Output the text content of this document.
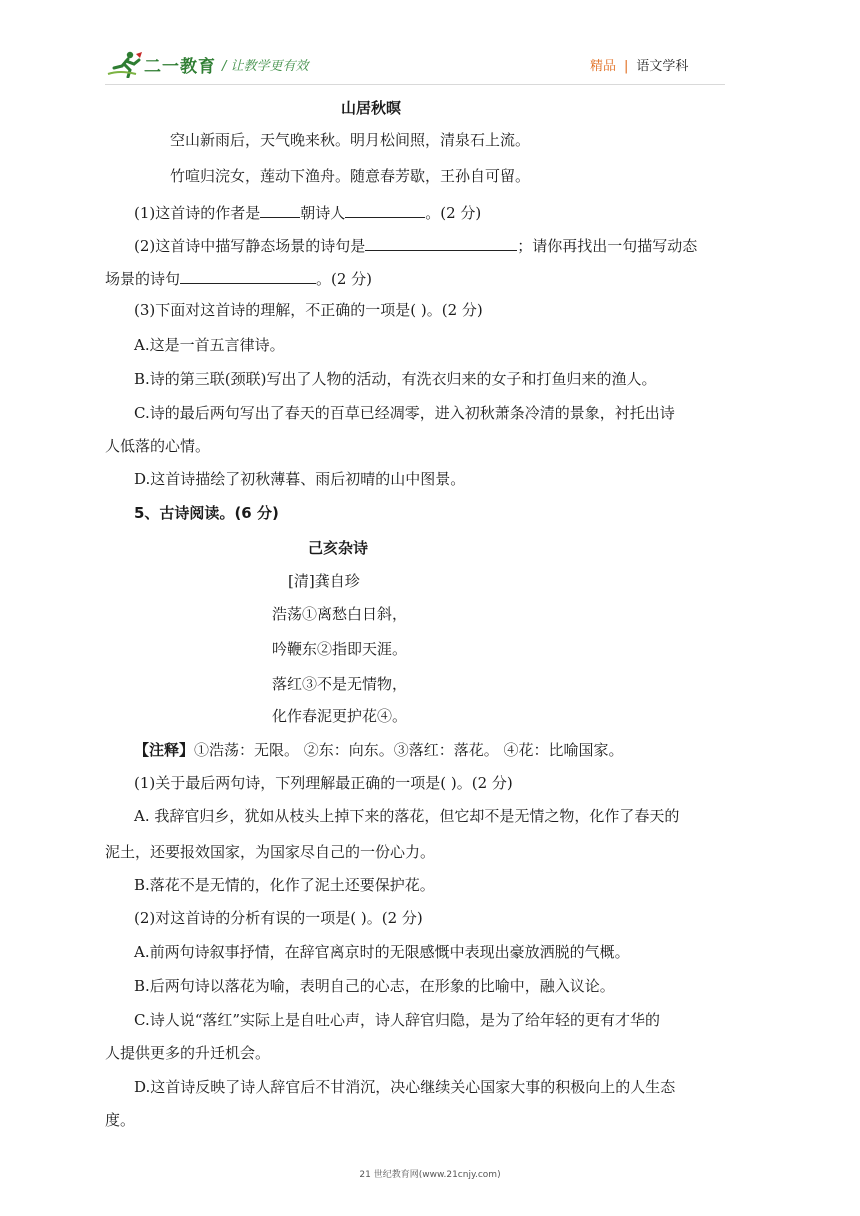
二一教育 / 让教学更有效	精品 | 语文学科
山居秋暝
空山新雨后，天气晚来秋。明月松间照，清泉石上流。
竹喧归浣女，莲动下渔舟。随意春芳歇，王孙自可留。
(1)这首诗的作者是	朝诗人	。(2 分)
(2)这首诗中描写静态场景的诗句是	；请你再找出一句描写动态
场景的诗句	。(2 分)
(3)下面对这首诗的理解，不正确的一项是( )。(2 分)
A.这是一首五言律诗。
B.诗的第三联(颈联)写出了人物的活动，有洗衣归来的女子和打鱼归来的渔人。
C.诗的最后两句写出了春天的百草已经凋零，进入初秋萧条冷清的景象，衬托出诗
人低落的心情。
D.这首诗描绘了初秋薄暮、雨后初晴的山中图景。
5、古诗阅读。(6 分)
己亥杂诗
[清]龚自珍
浩荡①离愁白日斜，
吟鞭东②指即天涯。
落红③不是无情物，
化作春泥更护花④。
【注释】①浩荡：无限。 ②东：向东。③落红：落花。 ④花：比喻国家。
(1)关于最后两句诗，下列理解最正确的一项是( )。(2 分)
A. 我辞官归乡，犹如从枝头上掉下来的落花，但它却不是无情之物，化作了春天的
泥土，还要报效国家，为国家尽自己的一份心力。
B.落花不是无情的，化作了泥土还要保护花。
(2)对这首诗的分析有误的一项是( )。(2 分)
A.前两句诗叙事抒情，在辞官离京时的无限感慨中表现出豪放洒脱的气概。
B.后两句诗以落花为喻，表明自己的心志，在形象的比喻中，融入议论。
C.诗人说“落红”实际上是自吐心声，诗人辞官归隐，是为了给年轻的更有才华的
人提供更多的升迁机会。
D.这首诗反映了诗人辞官后不甘消沉，决心继续关心国家大事的积极向上的人生态
度。
21 世纪教育网(www.21cnjy.com)
